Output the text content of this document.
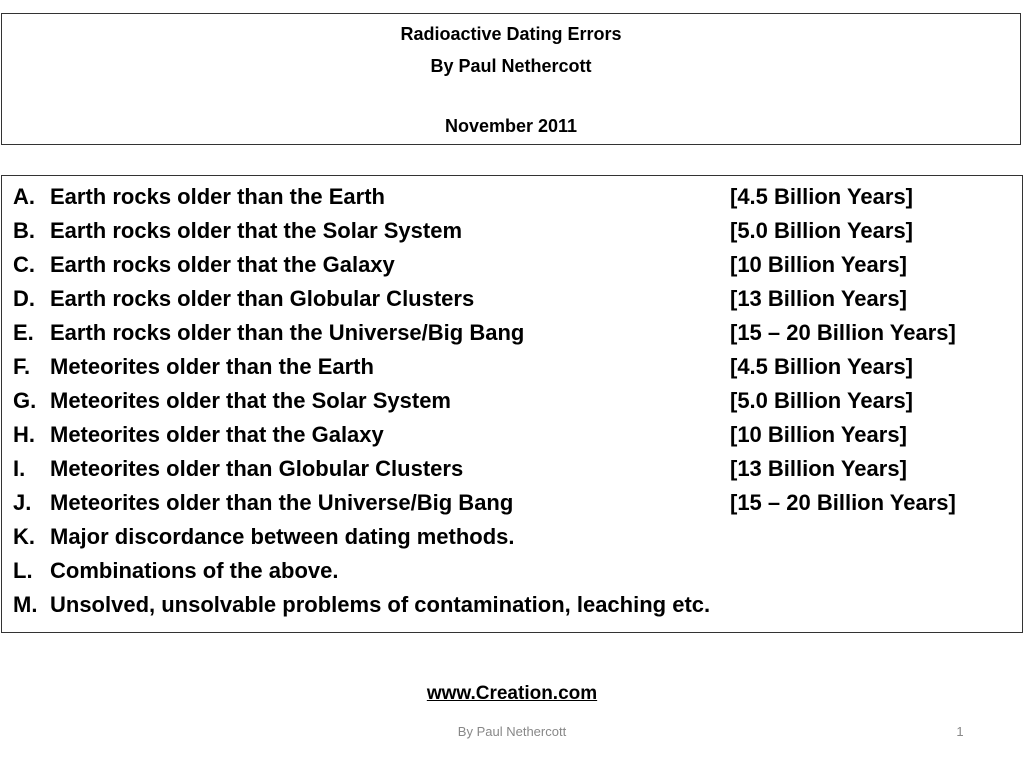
Radioactive Dating Errors
By Paul Nethercott
November 2011
A. Earth rocks older than the Earth	[4.5 Billion Years]
B. Earth rocks older that the Solar System	[5.0 Billion Years]
C. Earth rocks older that the Galaxy	[10 Billion Years]
D. Earth rocks older than Globular Clusters	[13 Billion Years]
E. Earth rocks older than the Universe/Big Bang	[15 – 20 Billion Years]
F. Meteorites older than the Earth	[4.5 Billion Years]
G. Meteorites older that the Solar System	[5.0 Billion Years]
H. Meteorites older that the Galaxy	[10 Billion Years]
I. Meteorites older than Globular Clusters	[13 Billion Years]
J. Meteorites older than the Universe/Big Bang	[15 – 20 Billion Years]
K. Major discordance between dating methods.
L. Combinations of the above.
M. Unsolved, unsolvable problems of contamination, leaching etc.
www.Creation.com
By Paul Nethercott	1
